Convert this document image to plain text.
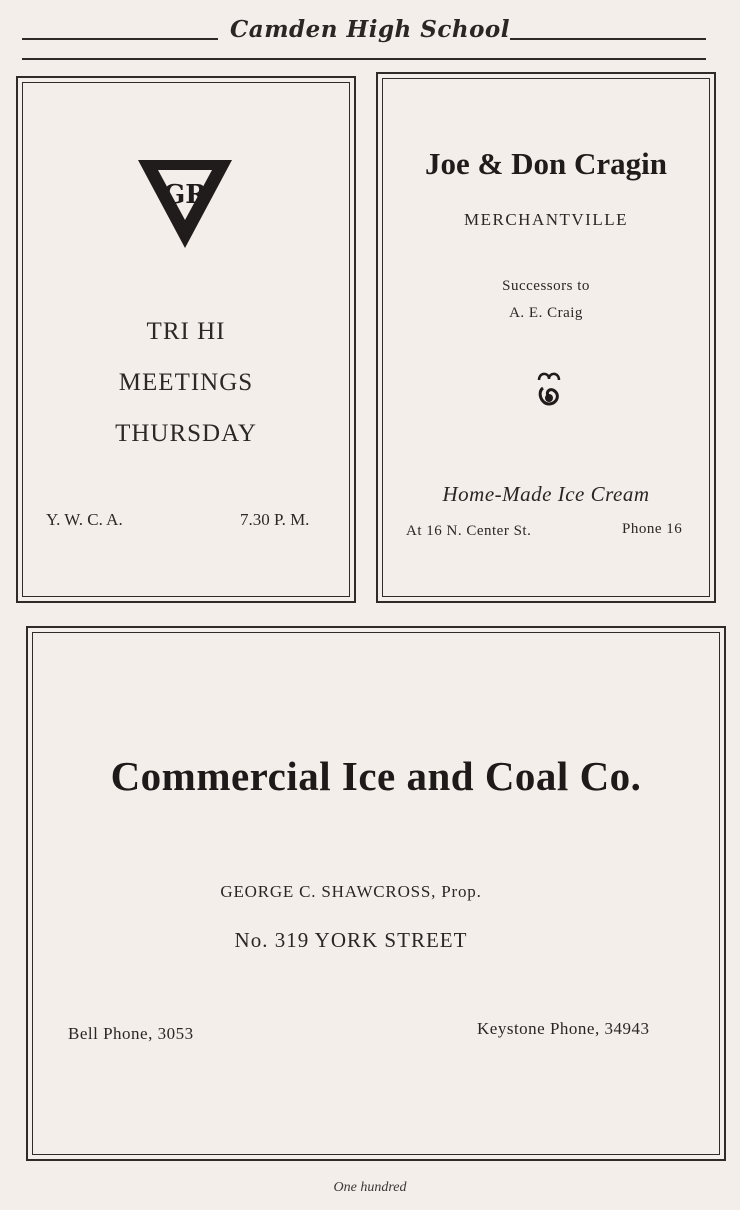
Camden High School
GR
TRI HI
MEETINGS
THURSDAY
Y. W. C. A.	7.30 P. M.
Joe & Don Cragin
MERCHANTVILLE
Successors to
A. E. Craig
Home-Made Ice Cream
At 16 N. Center St.	Phone 16
Commercial Ice and Coal Co.
GEORGE C. SHAWCROSS, Prop.
No. 319 YORK STREET
Bell Phone, 3053	Keystone Phone, 34943
One hundred
